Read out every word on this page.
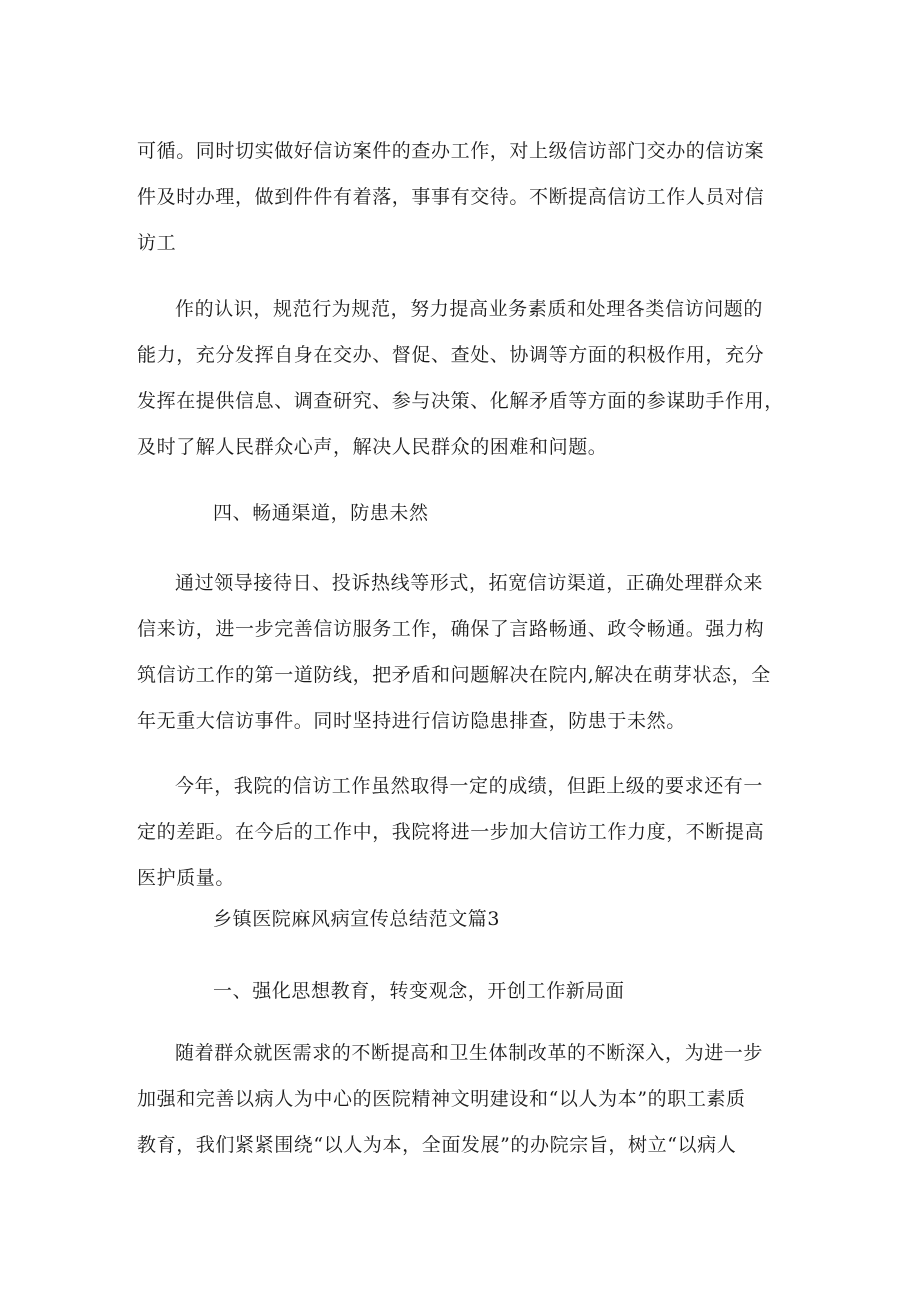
可循。同时切实做好信访案件的查办工作，对上级信访部门交办的信访案
件及时办理，做到件件有着落，事事有交待。不断提高信访工作人员对信
访工
作的认识，规范行为规范，努力提高业务素质和处理各类信访问题的
能力，充分发挥自身在交办、督促、查处、协调等方面的积极作用，充分
发挥在提供信息、调查研究、参与决策、化解矛盾等方面的参谋助手作用，
及时了解人民群众心声，解决人民群众的困难和问题。
四、畅通渠道，防患未然
通过领导接待日、投诉热线等形式，拓宽信访渠道，正确处理群众来
信来访，进一步完善信访服务工作，确保了言路畅通、政令畅通。强力构
筑信访工作的第一道防线，把矛盾和问题解决在院内,解决在萌芽状态，全
年无重大信访事件。同时坚持进行信访隐患排查，防患于未然。
今年，我院的信访工作虽然取得一定的成绩，但距上级的要求还有一
定的差距。在今后的工作中，我院将进一步加大信访工作力度，不断提高
医护质量。
乡镇医院麻风病宣传总结范文篇3
一、强化思想教育，转变观念，开创工作新局面
随着群众就医需求的不断提高和卫生体制改革的不断深入，为进一步
加强和完善以病人为中心的医院精神文明建设和“以人为本”的职工素质
教育，我们紧紧围绕“以人为本，全面发展”的办院宗旨，树立“以病人
